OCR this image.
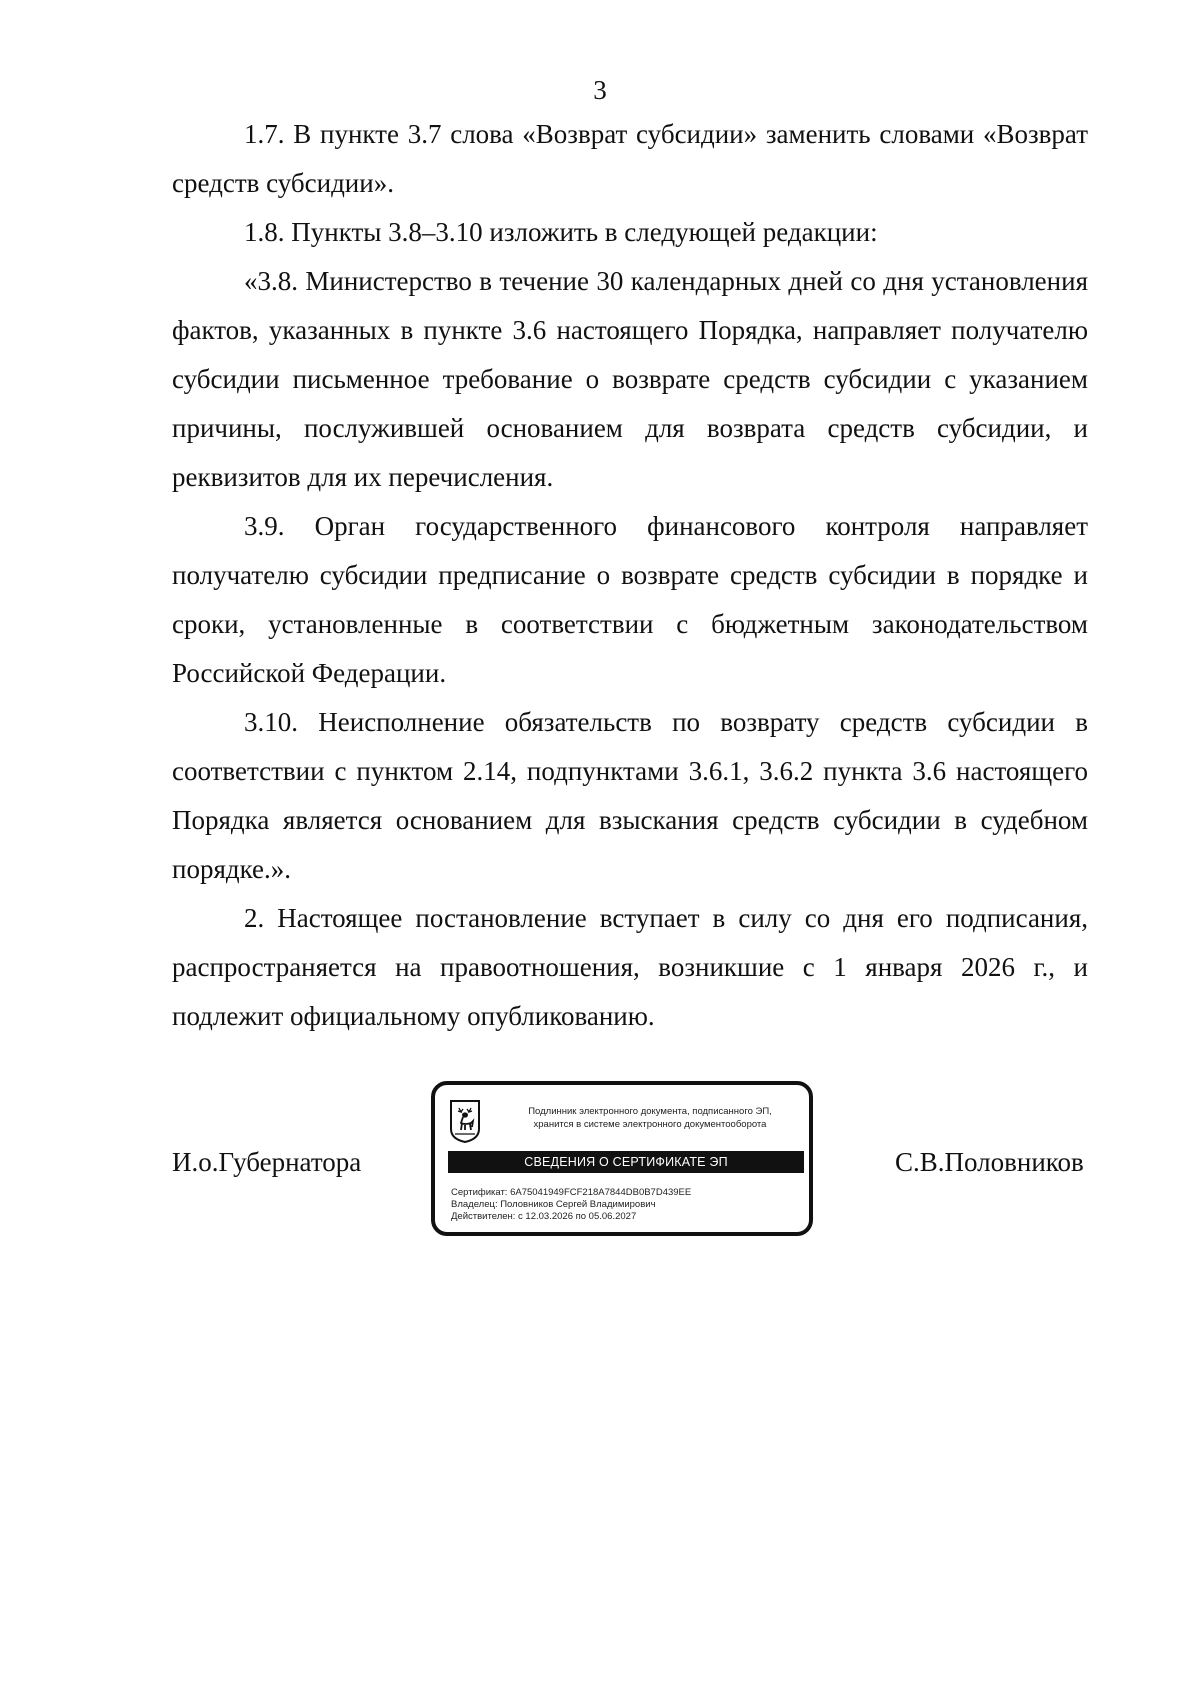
3

1.7. В пункте 3.7 слова «Возврат субсидии» заменить словами «Возврат средств субсидии».

1.8. Пункты 3.8–3.10 изложить в следующей редакции:

«3.8. Министерство в течение 30 календарных дней со дня установления фактов, указанных в пункте 3.6 настоящего Порядка, направляет получателю субсидии письменное требование о возврате средств субсидии с указанием причины, послужившей основанием для возврата средств субсидии, и реквизитов для их перечисления.

3.9. Орган государственного финансового контроля направляет получателю субсидии предписание о возврате средств субсидии в порядке и сроки, установленные в соответствии с бюджетным законодательством Российской Федерации.

3.10. Неисполнение обязательств по возврату средств субсидии в соответствии с пунктом 2.14, подпунктами 3.6.1, 3.6.2 пункта 3.6 настоящего Порядка является основанием для взыскания средств субсидии в судебном порядке.».

2. Настоящее постановление вступает в силу со дня его подписания, распространяется на правоотношения, возникшие с 1 января 2026 г., и подлежит официальному опубликованию.

И.о.Губернатора
Подлинник электронного документа, подписанного ЭП,
хранится в системе электронного документооборота
СВЕДЕНИЯ О СЕРТИФИКАТЕ ЭП
Сертификат: 6A75041949FCF218A7844DB0B7D439EE
Владелец: Половников Сергей Владимирович
Действителен: с 12.03.2026 по 05.06.2027
С.В.Половников
